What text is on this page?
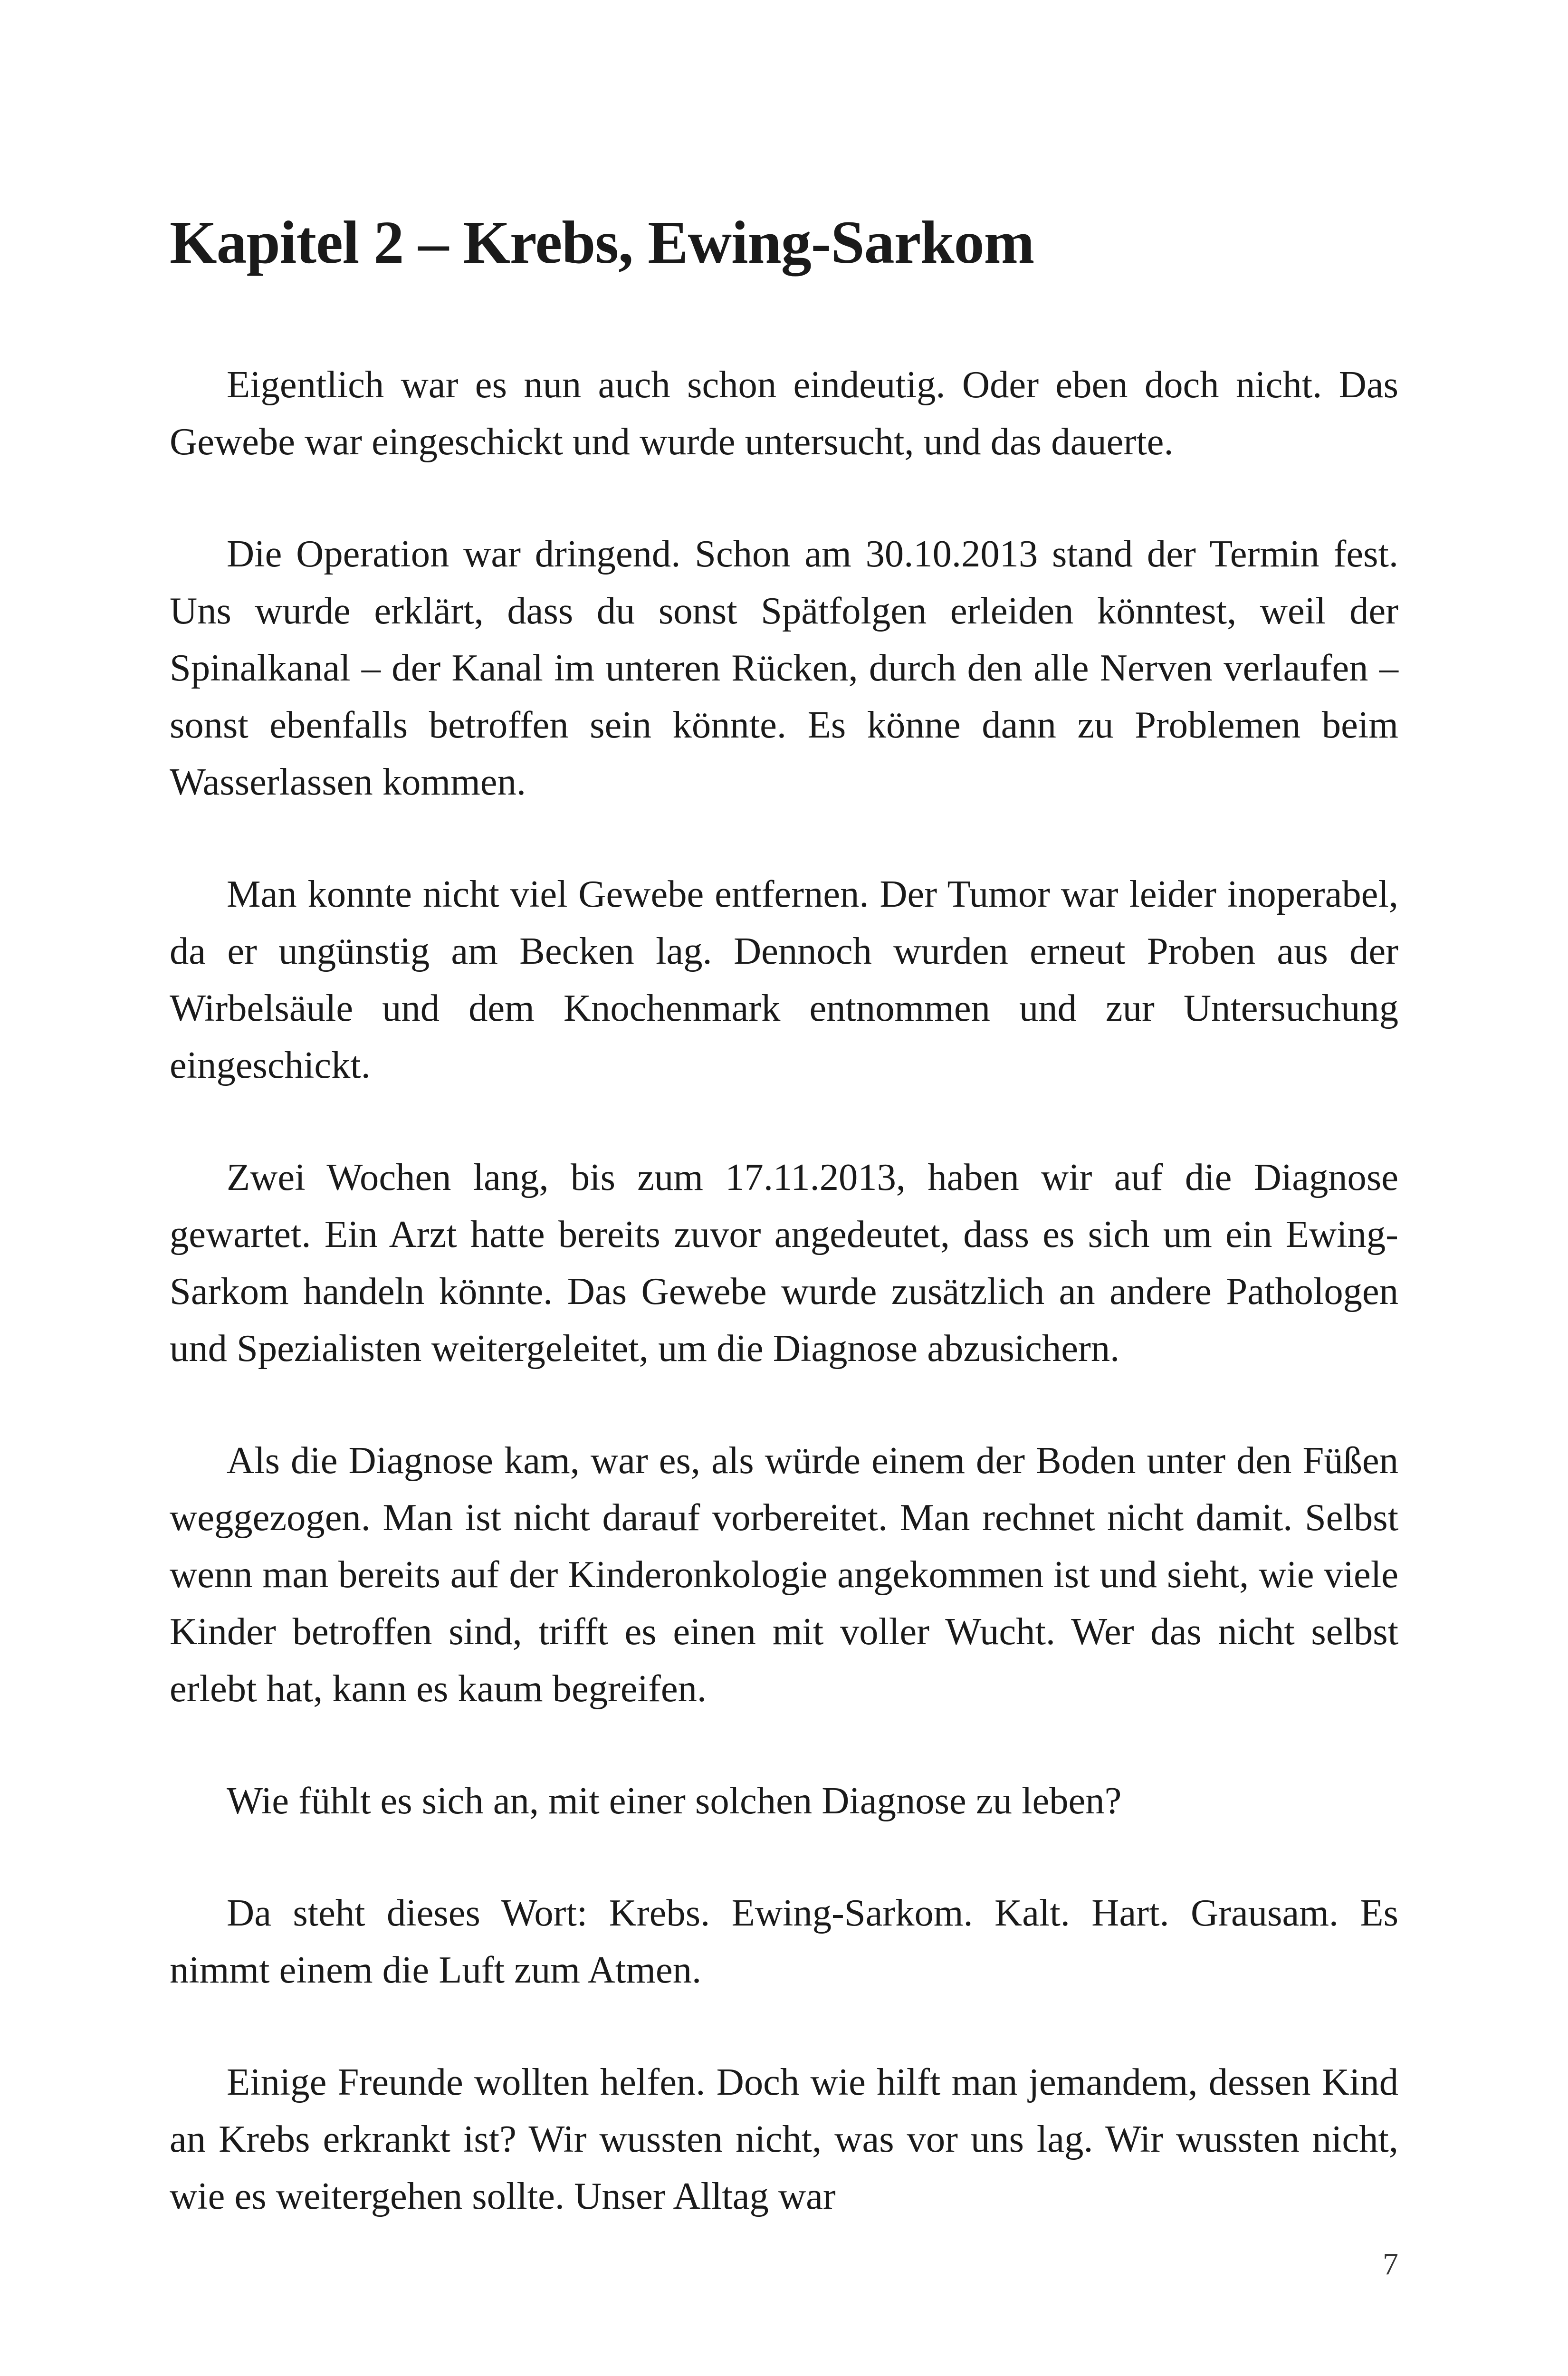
Kapitel 2 – Krebs, Ewing-Sarkom

Eigentlich war es nun auch schon eindeutig. Oder eben doch nicht. Das Gewebe war eingeschickt und wurde untersucht, und das dauerte.

Die Operation war dringend. Schon am 30.10.2013 stand der Termin fest. Uns wurde erklärt, dass du sonst Spätfolgen erleiden könntest, weil der Spinalkanal – der Kanal im unteren Rücken, durch den alle Nerven verlaufen – sonst ebenfalls betroffen sein könnte. Es könne dann zu Problemen beim Wasserlassen kommen.

Man konnte nicht viel Gewebe entfernen. Der Tumor war leider inoperabel, da er ungünstig am Becken lag. Dennoch wurden erneut Proben aus der Wirbelsäule und dem Knochenmark entnommen und zur Untersuchung eingeschickt.

Zwei Wochen lang, bis zum 17.11.2013, haben wir auf die Diagnose gewartet. Ein Arzt hatte bereits zuvor angedeutet, dass es sich um ein Ewing-Sarkom handeln könnte. Das Gewebe wurde zusätzlich an andere Pathologen und Spezialisten weitergeleitet, um die Diagnose abzusichern.

Als die Diagnose kam, war es, als würde einem der Boden unter den Füßen weggezogen. Man ist nicht darauf vorbereitet. Man rechnet nicht damit. Selbst wenn man bereits auf der Kinderonkologie angekommen ist und sieht, wie viele Kinder betroffen sind, trifft es einen mit voller Wucht. Wer das nicht selbst erlebt hat, kann es kaum begreifen.

Wie fühlt es sich an, mit einer solchen Diagnose zu leben?

Da steht dieses Wort: Krebs. Ewing-Sarkom. Kalt. Hart. Grausam. Es nimmt einem die Luft zum Atmen.

Einige Freunde wollten helfen. Doch wie hilft man jemandem, dessen Kind an Krebs erkrankt ist? Wir wussten nicht, was vor uns lag. Wir wussten nicht, wie es weitergehen sollte. Unser Alltag war

7
